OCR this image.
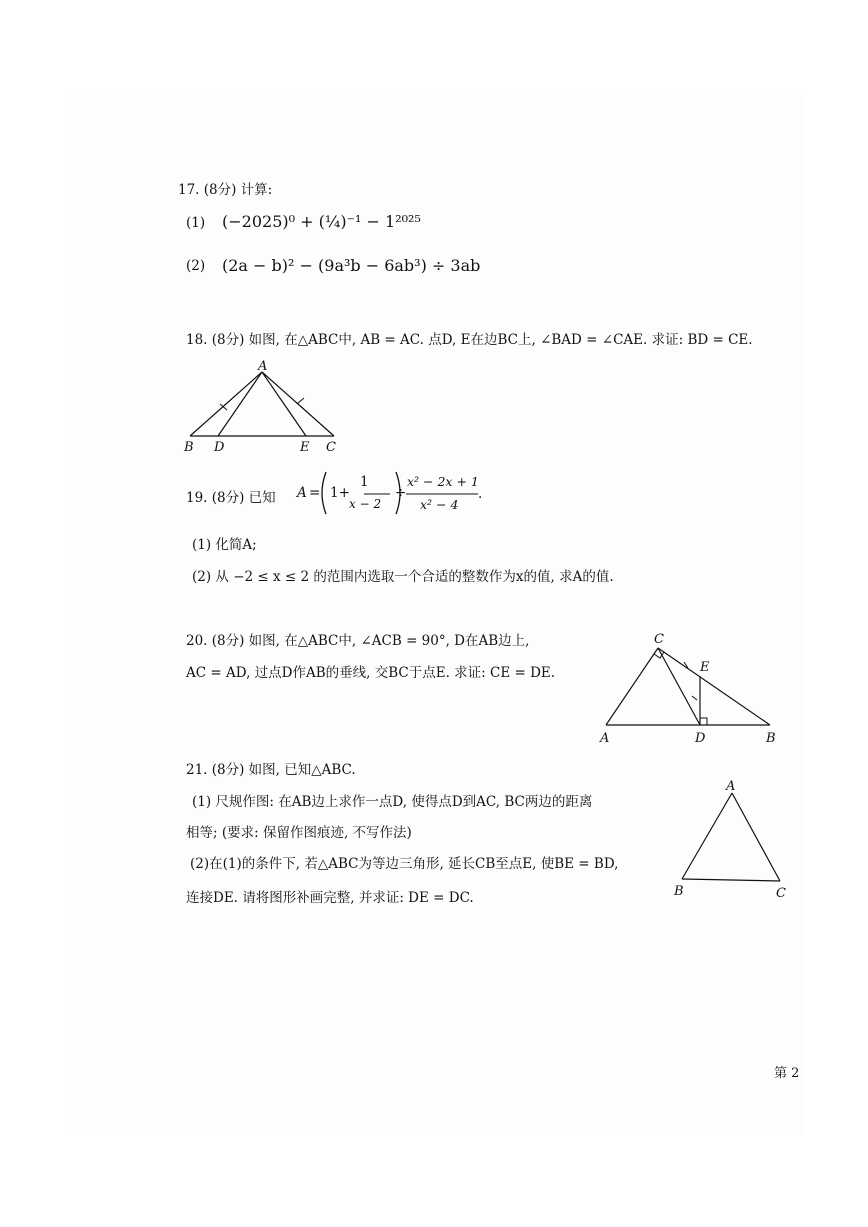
17. (8分) 计算:
(1) (−2025)⁰ + (¼)⁻¹ − 1²⁰²⁵
(2) (2a − b)² − (9a³b − 6ab³) ÷ 3ab
18. (8分) 如图, 在△ABC中, AB = AC. 点D, E在边BC上, ∠BAD = ∠CAE. 求证: BD = CE.
A
B D	E C
19. (8分) 已知 A = 1+
1
x − 2
÷
x² − 2x + 1
x² − 4
.
(1) 化简A;
(2) 从 −2 ≤ x ≤ 2 的范围内选取一个合适的整数作为x的值, 求A的值.
20. (8分) 如图, 在△ABC中, ∠ACB = 90°, D在AB边上,
AC = AD, 过点D作AB的垂线, 交BC于点E. 求证: CE = DE.
C
E
A	D	B
21. (8分) 如图, 已知△ABC.
(1) 尺规作图: 在AB边上求作一点D, 使得点D到AC, BC两边的距离
相等; (要求: 保留作图痕迹, 不写作法)
(2)在(1)的条件下, 若△ABC为等边三角形, 延长CB至点E, 使BE = BD,
连接DE. 请将图形补画完整, 并求证: DE = DC.
A
B	C
第 2
